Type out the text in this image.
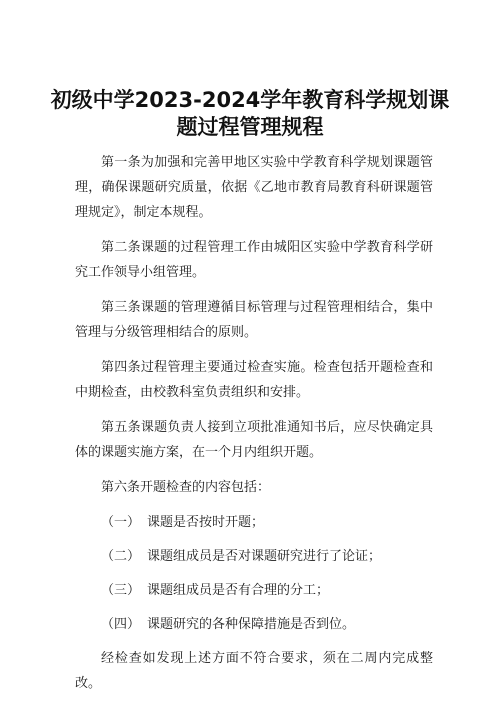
初级中学2023-2024学年教育科学规划课
题过程管理规程

第一条为加强和完善甲地区实验中学教育科学规划课题管理，确保课题研究质量，依据《乙地市教育局教育科研课题管理规定》，制定本规程。

第二条课题的过程管理工作由城阳区实验中学教育科学研究工作领导小组管理。

第三条课题的管理遵循目标管理与过程管理相结合，集中管理与分级管理相结合的原则。

第四条过程管理主要通过检查实施。检查包括开题检查和中期检查，由校教科室负责组织和安排。

第五条课题负责人接到立项批准通知书后，应尽快确定具体的课题实施方案，在一个月内组织开题。

第六条开题检查的内容包括：

（一） 课题是否按时开题；
（二） 课题组成员是否对课题研究进行了论证；
（三） 课题组成员是否有合理的分工；
（四） 课题研究的各种保障措施是否到位。

经检查如发现上述方面不符合要求，须在二周内完成整改。
